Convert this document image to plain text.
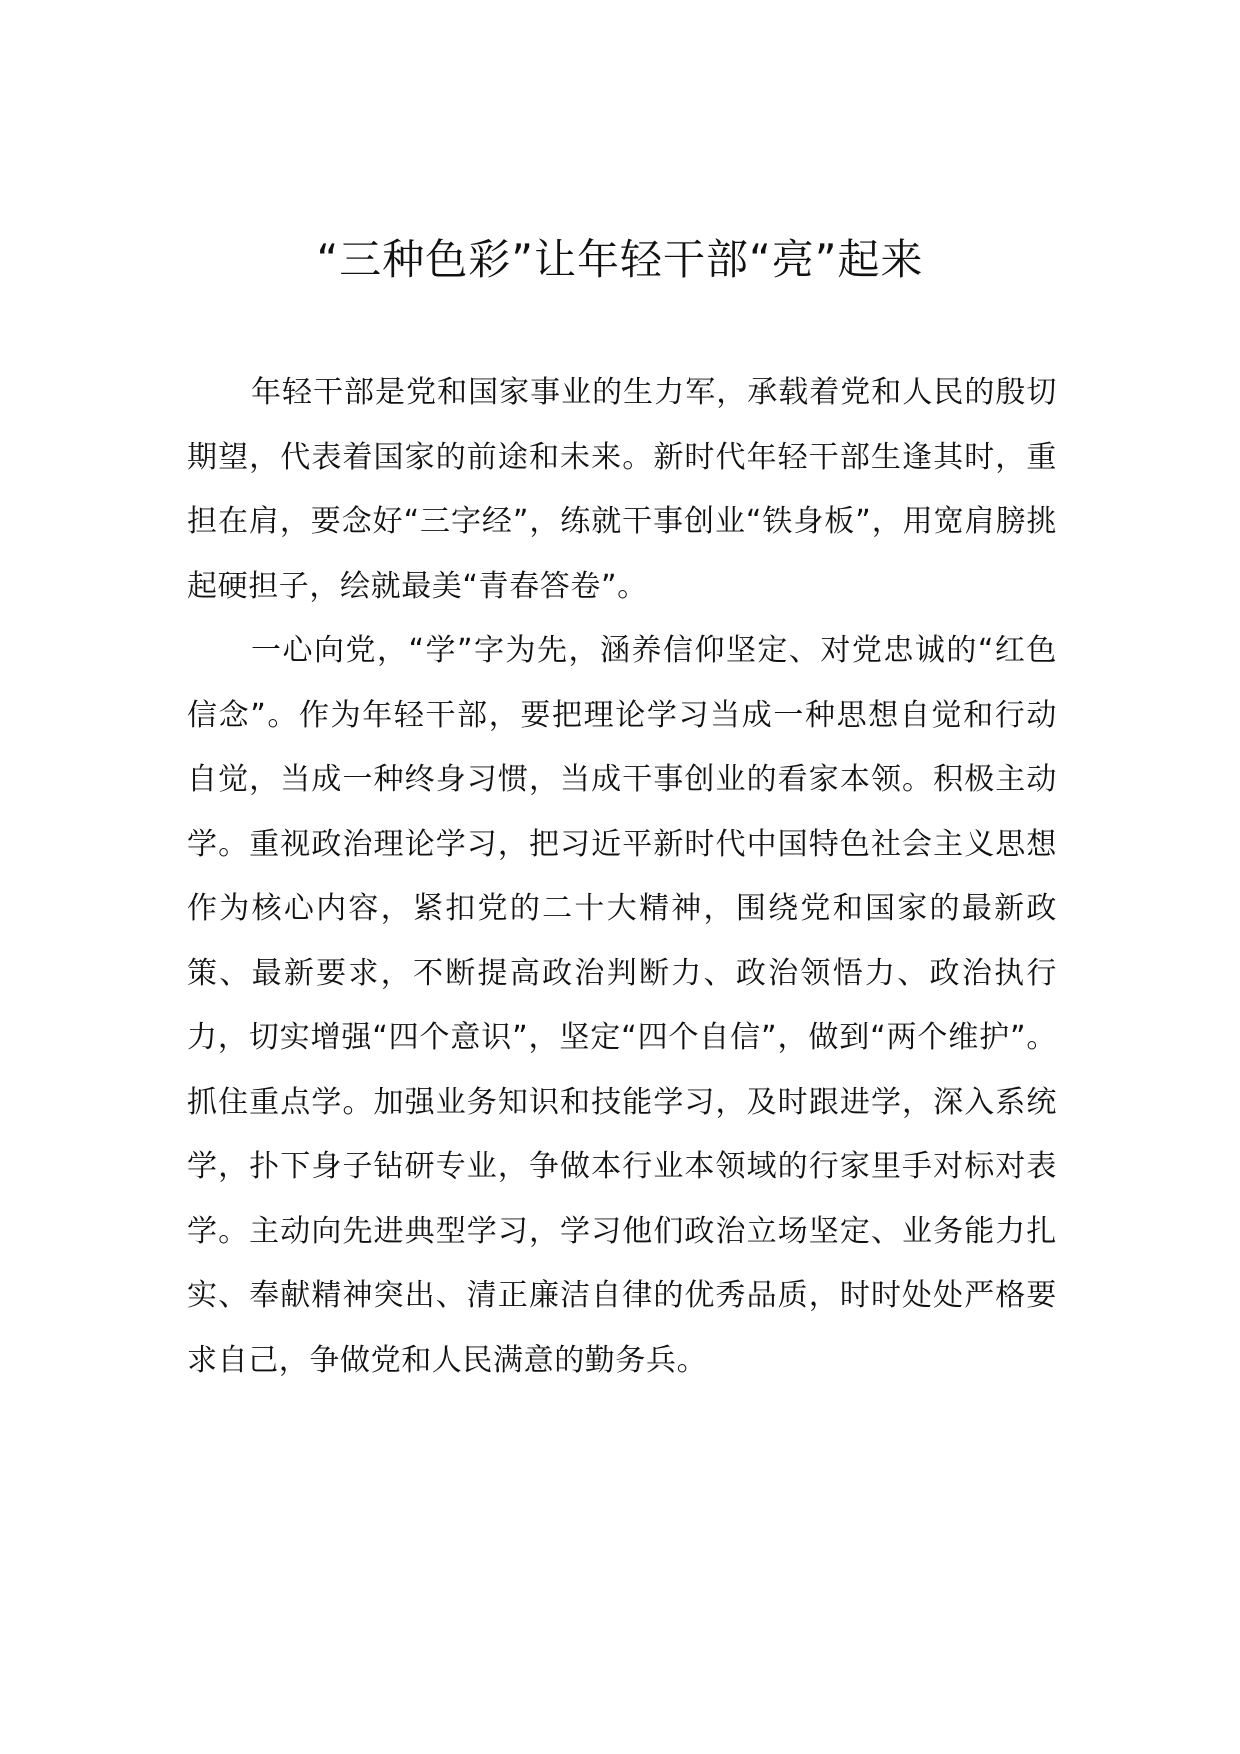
“三种色彩”让年轻干部“亮”起来

年轻干部是党和国家事业的生力军，承载着党和人民的殷切期望，代表着国家的前途和未来。新时代年轻干部生逢其时，重担在肩，要念好“三字经”，练就干事创业“铁身板”，用宽肩膀挑起硬担子，绘就最美“青春答卷”。

一心向党，“学”字为先，涵养信仰坚定、对党忠诚的“红色信念”。作为年轻干部，要把理论学习当成一种思想自觉和行动自觉，当成一种终身习惯，当成干事创业的看家本领。积极主动学。重视政治理论学习，把习近平新时代中国特色社会主义思想作为核心内容，紧扣党的二十大精神，围绕党和国家的最新政策、最新要求，不断提高政治判断力、政治领悟力、政治执行力，切实增强“四个意识”，坚定“四个自信”，做到“两个维护”。抓住重点学。加强业务知识和技能学习，及时跟进学，深入系统学，扑下身子钻研专业，争做本行业本领域的行家里手对标对表学。主动向先进典型学习，学习他们政治立场坚定、业务能力扎实、奉献精神突出、清正廉洁自律的优秀品质，时时处处严格要求自己，争做党和人民满意的勤务兵。
